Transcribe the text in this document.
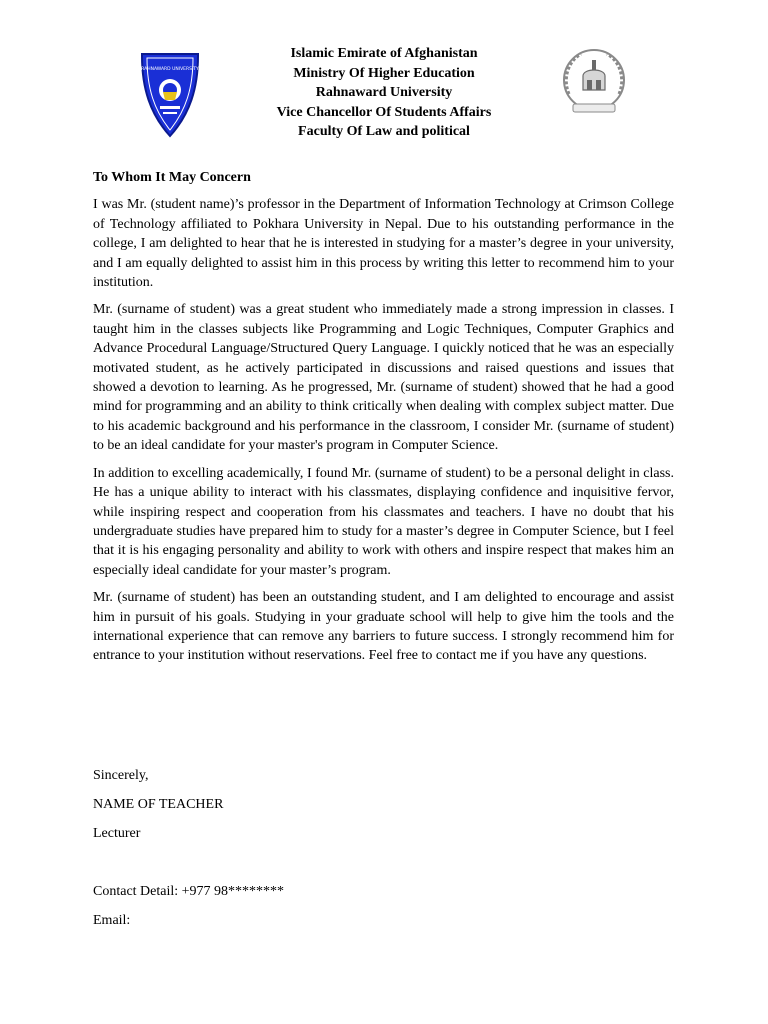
RAHNAWARD UNIVERSITY
Islamic Emirate of Afghanistan
Ministry Of Higher Education
Rahnaward University
Vice Chancellor Of Students Affairs
Faculty Of Law and political

To Whom It May Concern

I was Mr. (student name)’s professor in the Department of Information Technology at Crimson College of Technology affiliated to Pokhara University in Nepal. Due to his outstanding performance in the college, I am delighted to hear that he is interested in studying for a master’s degree in your university, and I am equally delighted to assist him in this process by writing this letter to recommend him to your institution.

Mr. (surname of student) was a great student who immediately made a strong impression in classes. I taught him in the classes subjects like Programming and Logic Techniques, Computer Graphics and Advance Procedural Language/Structured Query Language. I quickly noticed that he was an especially motivated student, as he actively participated in discussions and raised questions and issues that showed a devotion to learning. As he progressed, Mr. (surname of student) showed that he had a good mind for programming and an ability to think critically when dealing with complex subject matter. Due to his academic background and his performance in the classroom, I consider Mr. (surname of student) to be an ideal candidate for your master's program in Computer Science.

In addition to excelling academically, I found Mr. (surname of student) to be a personal delight in class. He has a unique ability to interact with his classmates, displaying confidence and inquisitive fervor, while inspiring respect and cooperation from his classmates and teachers. I have no doubt that his undergraduate studies have prepared him to study for a master’s degree in Computer Science, but I feel that it is his engaging personality and ability to work with others and inspire respect that makes him an especially ideal candidate for your master’s program.

Mr. (surname of student) has been an outstanding student, and I am delighted to encourage and assist him in pursuit of his goals. Studying in your graduate school will help to give him the tools and the international experience that can remove any barriers to future success. I strongly recommend him for entrance to your institution without reservations. Feel free to contact me if you have any questions.

Sincerely,
NAME OF TEACHER
Lecturer
Contact Detail: +977 98********
Email:
